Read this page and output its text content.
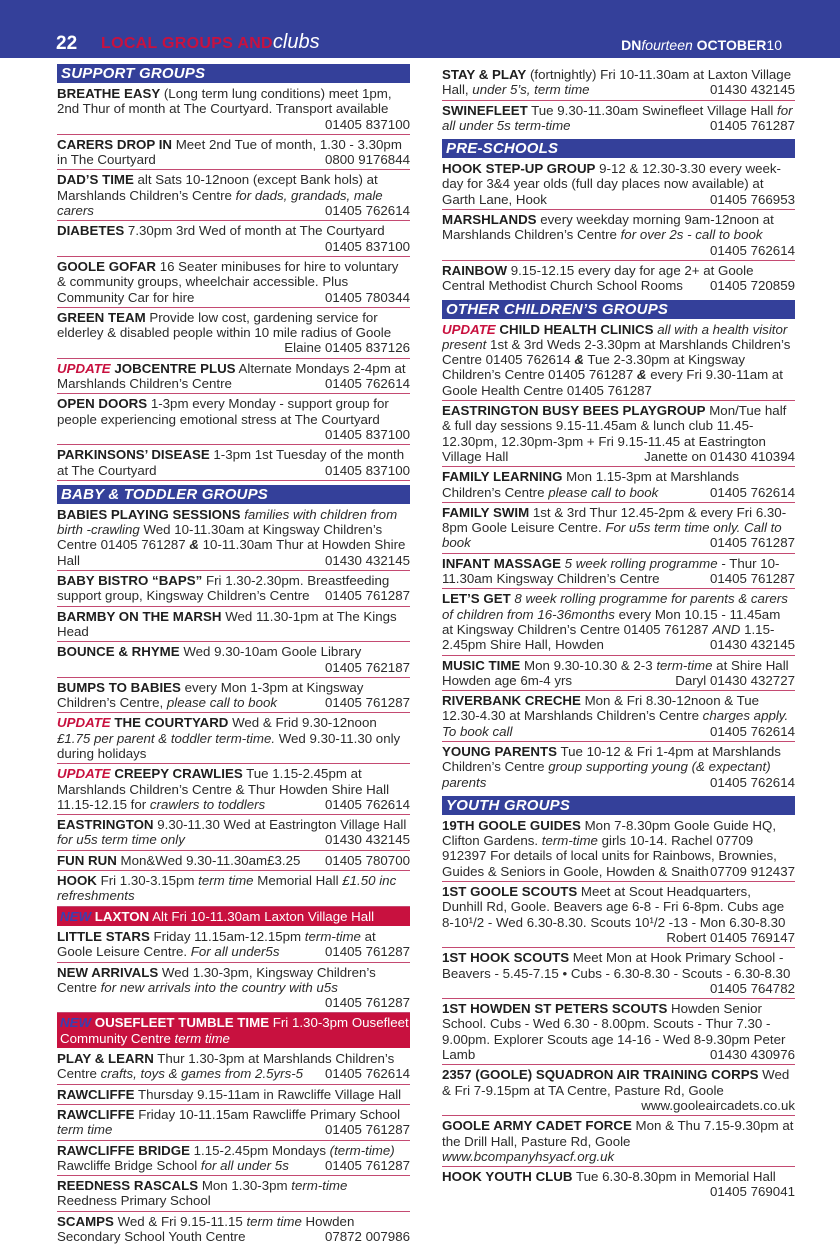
22 LOCAL GROUPS ANDclubs	DNfourteen OCTOBER10
SUPPORT GROUPS
BREATHE EASY (Long term lung conditions) meet 1pm, 2nd Thur of month at The Courtyard. Transport available
01405 837100
CARERS DROP IN Meet 2nd Tue of month, 1.30 - 3.30pm in The Courtyard	0800 9176844
DAD’S TIME alt Sats 10-12noon (except Bank hols) at Marshlands Children’s Centre for dads, grandads, male carers	01405 762614
DIABETES 7.30pm 3rd Wed of month at The Courtyard
01405 837100
GOOLE GOFAR 16 Seater minibuses for hire to voluntary & community groups, wheelchair accessible. Plus Community Car for hire	01405 780344
GREEN TEAM Provide low cost, gardening service for elderley & disabled people within 10 mile radius of Goole
Elaine 01405 837126
UPDATE JOBCENTRE PLUS Alternate Mondays 2-4pm at Marshlands Children’s Centre	01405 762614
OPEN DOORS 1-3pm every Monday - support group for people experiencing emotional stress at The Courtyard
01405 837100
PARKINSONS’ DISEASE 1-3pm 1st Tuesday of the month at The Courtyard	01405 837100
BABY & TODDLER GROUPS
BABIES PLAYING SESSIONS families with children from birth -crawling Wed 10-11.30am at Kingsway Children’s Centre 01405 761287 & 10-11.30am Thur at Howden Shire Hall	01430 432145
BABY BISTRO “BAPS” Fri 1.30-2.30pm. Breastfeeding support group, Kingsway Children’s Centre 01405 761287
BARMBY ON THE MARSH Wed 11.30-1pm at The Kings Head
BOUNCE & RHYME Wed 9.30-10am Goole Library
01405 762187
BUMPS TO BABIES every Mon 1-3pm at Kingsway Children’s Centre, please call to book	01405 761287
UPDATE THE COURTYARD Wed & Frid 9.30-12noon £1.75 per parent & toddler term-time. Wed 9.30-11.30 only during holidays
UPDATE CREEPY CRAWLIES Tue 1.15-2.45pm at Marshlands Children’s Centre & Thur Howden Shire Hall 11.15-12.15 for crawlers to toddlers	01405 762614
EASTRINGTON 9.30-11.30 Wed at Eastrington Village Hall for u5s term time only	01430 432145
FUN RUN Mon&Wed 9.30-11.30am£3.25 01405 780700
HOOK Fri 1.30-3.15pm term time Memorial Hall £1.50 inc refreshments
NEW LAXTON Alt Fri 10-11.30am Laxton Village Hall
LITTLE STARS Friday 11.15am-12.15pm term-time at Goole Leisure Centre. For all under5s	01405 761287
NEW ARRIVALS Wed 1.30-3pm, Kingsway Children’s Centre for new arrivals into the country with u5s
01405 761287
NEW OUSEFLEET TUMBLE TIME Fri 1.30-3pm Ousefleet Community Centre term time
PLAY & LEARN Thur 1.30-3pm at Marshlands Children’s Centre crafts, toys & games from 2.5yrs-5 01405 762614
RAWCLIFFE Thursday 9.15-11am in Rawcliffe Village Hall
RAWCLIFFE Friday 10-11.15am Rawcliffe Primary School term time	01405 761287
RAWCLIFFE BRIDGE 1.15-2.45pm Mondays (term-time) Rawcliffe Bridge School for all under 5s	01405 761287
REEDNESS RASCALS Mon 1.30-3pm term-time Reedness Primary School
SCAMPS Wed & Fri 9.15-11.15 term time Howden Secondary School Youth Centre	07872 007986
STAY & PLAY (fortnightly) Fri 10-11.30am at Laxton Village Hall, under 5’s, term time	01430 432145
SWINEFLEET Tue 9.30-11.30am Swinefleet Village Hall for all under 5s term-time	01405 761287
PRE-SCHOOLS
HOOK STEP-UP GROUP 9-12 & 12.30-3.30 every week-day for 3&4 year olds (full day places now available) at Garth Lane, Hook	01405 766953
MARSHLANDS every weekday morning 9am-12noon at Marshlands Children’s Centre for over 2s - call to book
01405 762614
RAINBOW 9.15-12.15 every day for age 2+ at Goole Central Methodist Church School Rooms 01405 720859
OTHER CHILDREN’S GROUPS
UPDATE CHILD HEALTH CLINICS all with a health visitor present 1st & 3rd Weds 2-3.30pm at Marshlands Children’s Centre 01405 762614 & Tue 2-3.30pm at Kingsway Children’s Centre 01405 761287 & every Fri 9.30-11am at Goole Health Centre 01405 761287
EASTRINGTON BUSY BEES PLAYGROUP Mon/Tue half & full day sessions 9.15-11.45am & lunch club 11.45-12.30pm, 12.30pm-3pm + Fri 9.15-11.45 at Eastrington Village Hall	Janette on 01430 410394
FAMILY LEARNING Mon 1.15-3pm at Marshlands Children’s Centre please call to book	01405 762614
FAMILY SWIM 1st & 3rd Thur 12.45-2pm & every Fri 6.30-8pm Goole Leisure Centre. For u5s term time only. Call to book	01405 761287
INFANT MASSAGE 5 week rolling programme - Thur 10-11.30am Kingsway Children’s Centre	01405 761287
LET’S GET 8 week rolling programme for parents & carers of children from 16-36months every Mon 10.15 - 11.45am at Kingsway Children’s Centre 01405 761287 AND 1.15-2.45pm Shire Hall, Howden	01430 432145
MUSIC TIME Mon 9.30-10.30 & 2-3 term-time at Shire Hall Howden age 6m-4 yrs	Daryl 01430 432727
RIVERBANK CRECHE Mon & Fri 8.30-12noon & Tue 12.30-4.30 at Marshlands Children’s Centre charges apply. To book call	01405 762614
YOUNG PARENTS Tue 10-12 & Fri 1-4pm at Marshlands Children’s Centre group supporting young (& expectant) parents	01405 762614
YOUTH GROUPS
19TH GOOLE GUIDES Mon 7-8.30pm Goole Guide HQ, Clifton Gardens. term-time girls 10-14. Rachel 07709 912397 For details of local units for Rainbows, Brownies, Guides & Seniors in Goole, Howden & Snaith 07709 912437
1ST GOOLE SCOUTS Meet at Scout Headquarters, Dunhill Rd, Goole. Beavers age 6-8 - Fri 6-8pm. Cubs age 8-10¹/2 - Wed 6.30-8.30. Scouts 10¹/2 -13 - Mon 6.30-8.30
Robert 01405 769147
1ST HOOK SCOUTS Meet Mon at Hook Primary School - Beavers - 5.45-7.15 • Cubs - 6.30-8.30 - Scouts - 6.30-8.30
01405 764782
1ST HOWDEN ST PETERS SCOUTS Howden Senior School. Cubs - Wed 6.30 - 8.00pm. Scouts - Thur 7.30 - 9.00pm. Explorer Scouts age 14-16 - Wed 8-9.30pm Peter Lamb	01430 430976
2357 (GOOLE) SQUADRON AIR TRAINING CORPS Wed & Fri 7-9.15pm at TA Centre, Pasture Rd, Goole
www.gooleaircadets.co.uk
GOOLE ARMY CADET FORCE Mon & Thu 7.15-9.30pm at the Drill Hall, Pasture Rd, Goole www.bcompanyhsyacf.org.uk
HOOK YOUTH CLUB Tue 6.30-8.30pm in Memorial Hall
01405 769041
